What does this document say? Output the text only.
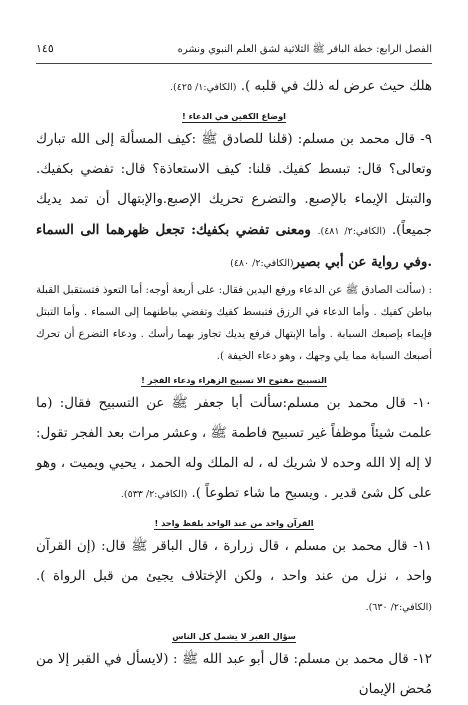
الفصل الرابع: خطة الباقر ﷺ الثلاثية لشق العلم النبوي ونشره
١٤٥

هلك حيث عرض له ذلك في قلبه ). (الكافي:١/ ٤٢٥).

اوضاع الكفين في الدعاء !

٩- قال محمد بن مسلم: (قلنا للصادق ﷺ :كيف المسألة إلى الله تبارك وتعالى؟ قال: تبسط كفيك. قلنا: كيف الاستعاذة؟ قال: تفضي بكفيك. والتبتل الإيماء بالإصبع. والتضرع تحريك الإصبع.والإبتهال أن تمد يديك جميعاً). (الكافي:٢/ ٤٨١). ومعنى تفضي بكفيك: تجعل ظهرهما الى السماء .وفي رواية عن أبي بصير(الكافي:٢/ ٤٨٠)

: (سألت الصادق ﷺ عن الدعاء ورفع اليدين فقال: على أربعة أوجه: أما التعوذ فتستقبل القبلة بباطن كفيك . وأما الدعاء في الرزق فتبسط كفيك وتفضي بباطنهما إلى السماء . وأما التبتل فإيماء بإصبعك السبابة . وأما الإبتهال فرفع يديك تجاوز بهما رأسك . ودعاء التضرع أن تحرك أصبعك السبابة مما يلي وجهك ، وهو دعاء الخيفة ).

التسبيح مفتوح الا تسبيح الزهراء ودعاء الفجر !

١٠- قال محمد بن مسلم:سألت أبا جعفر ﷺ عن التسبيح فقال: (ما علمت شيئاً موظفاً غير تسبيح فاطمة ﷺ ، وعشر مرات بعد الفجر تقول: لا إله إلا الله وحده لا شريك له ، له الملك وله الحمد ، يحيي ويميت ، وهو على كل شئ قدير . ويسبح ما شاء تطوعاً ). (الكافي:٢/ ٥٣٣).

القرآن واحد من عند الواحد بلفظ واحد !

١١- قال محمد بن مسلم ، قال زرارة ، قال الباقر ﷺ قال: (إن القرآن واحد ، نزل من عند واحد ، ولكن الإختلاف يجيئ من قبل الرواة ). (الكافي:٢/ ٦٣٠).

سؤال القبر لا يشمل كل الناس

١٢- قال محمد بن مسلم: قال أبو عبد الله ﷺ : (لايسأل في القبر إلا من مُحض الإيمان
